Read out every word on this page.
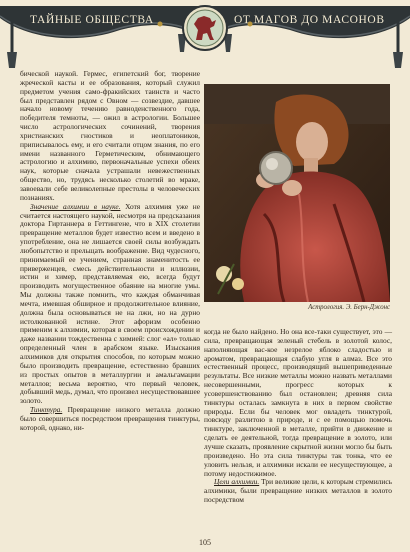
ТАЙНЫЕ ОБЩЕСТВА	ОТ МАГОВ ДО МАСОНОВ

бической наукой. Гермес, египетский бог, творение жреческой касты и ее образования, который служил предметом учения само-фракийских таинств и часто был представлен рядом с Овном — созвездие, давшее начало новому течению равноденственного года, победителя темноты, — ожил в астрологии. Большее число астрологических сочинений, творения христианских гностиков и неоплатоников, приписывалось ему, и его считали отцом знания, по его имени названного Герметическим, обнимающего астрологию и алхимию, первоначальные успехи обеих наук, которые сначала устрашали невежественных общество, но, трудясь несколько столетий во мраке, завоевали себе великолепные престолы в человеческих познаниях.

Значение алхимии в науке. Хотя алхимия уже не считается настоящего наукой, несмотря на предсказания доктора Гиртаннера в Геттингене, что в XIX столетии превращение металлов будет известно всем и введено в употребление, она не лишается своей силы возбуждать любопытство и прельщать воображение. Вид чудесного, принимаемый ее учением, странная знаменитость ее приверженцев, смесь действительности и иллюзии, истин и химер, представляемая ею, всегда будут производить могущественное обаяние на многие умы. Мы должны также помнить, что каждая обманчивая мечта, имевшая обширное и продолжительное влияние, должна была основываться не на лжи, но на дурно истолкованной истине. Этот афоризм особенно применим к алхимии, которая в своем происхождении и даже названии тождественна с химией: слог «ал» только определенный член в арабском языке. Изыскания алхимиков для открытия способов, по которым можно было производить превращение, естественно бравших из простых опытов в металлургии и амальгамации металлов; весьма вероятно, что первый человек, добывший медь, думал, что произвел несуществовавшее золото.

Тинктура. Превращение низкого металла должно было совершиться посредством превращения тинктуры, которой, однако, ни-

Астрология. Э. Берн-Джонс

когда не было найдено. Но она все-таки существует, это — сила, превращающая зеленый стебель в золотой колос, наполняющая вас-кое незрелое яблоко сладостью и ароматом, превращающая слабую угля в алмаз. Все это естественный процесс, производящий вышеприведенные результаты. Все низкие металлы можно назвать металлами несовершенными, прогресс которых к усовершенствованию был остановлен; древняя сила тинктуры осталась замкнута в них в первом свойстве природы. Если бы человек мог овладеть тинктурой, повсюду разлитою в природе, и с ее помощью помочь тинктуре, заключенной в металле, прийти в движение и сделать ее деятельной, тогда превращение в золото, или лучше сказать, проявление скрытной жизни могло бы быть произведено. Но эта сила тинктуры так тонка, что ее уловить нельзя, и алхимики искали ее несуществующее, а потому недостижимое.

Цели алхимии. Три великие цели, к которым стремились алхимики, были превращение низких металлов в золото посредством

105
